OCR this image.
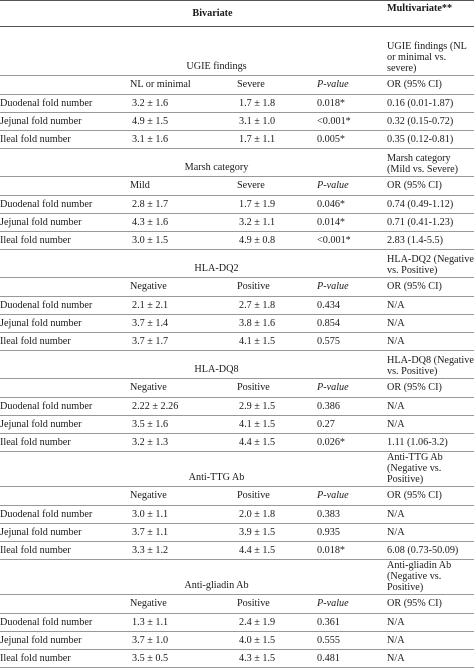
Bivariate				Multivariate**

UGIE findings				UGIE findings (NL or minimal vs. severe)
	NL or minimal	Severe	P-value	OR (95% CI)
Duodenal fold number	3.2 ± 1.6	1.7 ± 1.8	0.018*	0.16 (0.01-1.87)
Jejunal fold number	4.9 ± 1.5	3.1 ± 1.0	<0.001*	0.32 (0.15-0.72)
Ileal fold number	3.1 ± 1.6	1.7 ± 1.1	0.005*	0.35 (0.12-0.81)
Marsh category				Marsh category (Mild vs. Severe)
	Mild	Severe	P-value	OR (95% CI)
Duodenal fold number	2.8 ± 1.7	1.7 ± 1.9	0.046*	0.74 (0.49-1.12)
Jejunal fold number	4.3 ± 1.6	3.2 ± 1.1	0.014*	0.71 (0.41-1.23)
Ileal fold number	3.0 ± 1.5	4.9 ± 0.8	<0.001*	2.83 (1.4-5.5)
HLA-DQ2				HLA-DQ2 (Negative vs. Positive)
	Negative	Positive	P-value	OR (95% CI)
Duodenal fold number	2.1 ± 2.1	2.7 ± 1.8	0.434	N/A
Jejunal fold number	3.7 ± 1.4	3.8 ± 1.6	0.854	N/A
Ileal fold number	3.7 ± 1.7	4.1 ± 1.5	0.575	N/A
HLA-DQ8				HLA-DQ8 (Negative vs. Positive)
	Negative	Positive	P-value	OR (95% CI)
Duodenal fold number	2.22 ± 2.26	2.9 ± 1.5	0.386	N/A
Jejunal fold number	3.5 ± 1.6	4.1 ± 1.5	0.27	N/A
Ileal fold number	3.2 ± 1.3	4.4 ± 1.5	0.026*	1.11 (1.06-3.2)
Anti-TTG Ab				Anti-TTG Ab (Negative vs. Positive)
	Negative	Positive	P-value	OR (95% CI)
Duodenal fold number	3.0 ± 1.1	2.0 ± 1.8	0.383	N/A
Jejunal fold number	3.7 ± 1.1	3.9 ± 1.5	0.935	N/A
Ileal fold number	3.3 ± 1.2	4.4 ± 1.5	0.018*	6.08 (0.73-50.09)
Anti-gliadin Ab				Anti-gliadin Ab (Negative vs. Positive)
	Negative	Positive	P-value	OR (95% CI)
Duodenal fold number	1.3 ± 1.1	2.4 ± 1.9	0.361	N/A
Jejunal fold number	3.7 ± 1.0	4.0 ± 1.5	0.555	N/A
Ileal fold number	3.5 ± 0.5	4.3 ± 1.5	0.481	N/A
